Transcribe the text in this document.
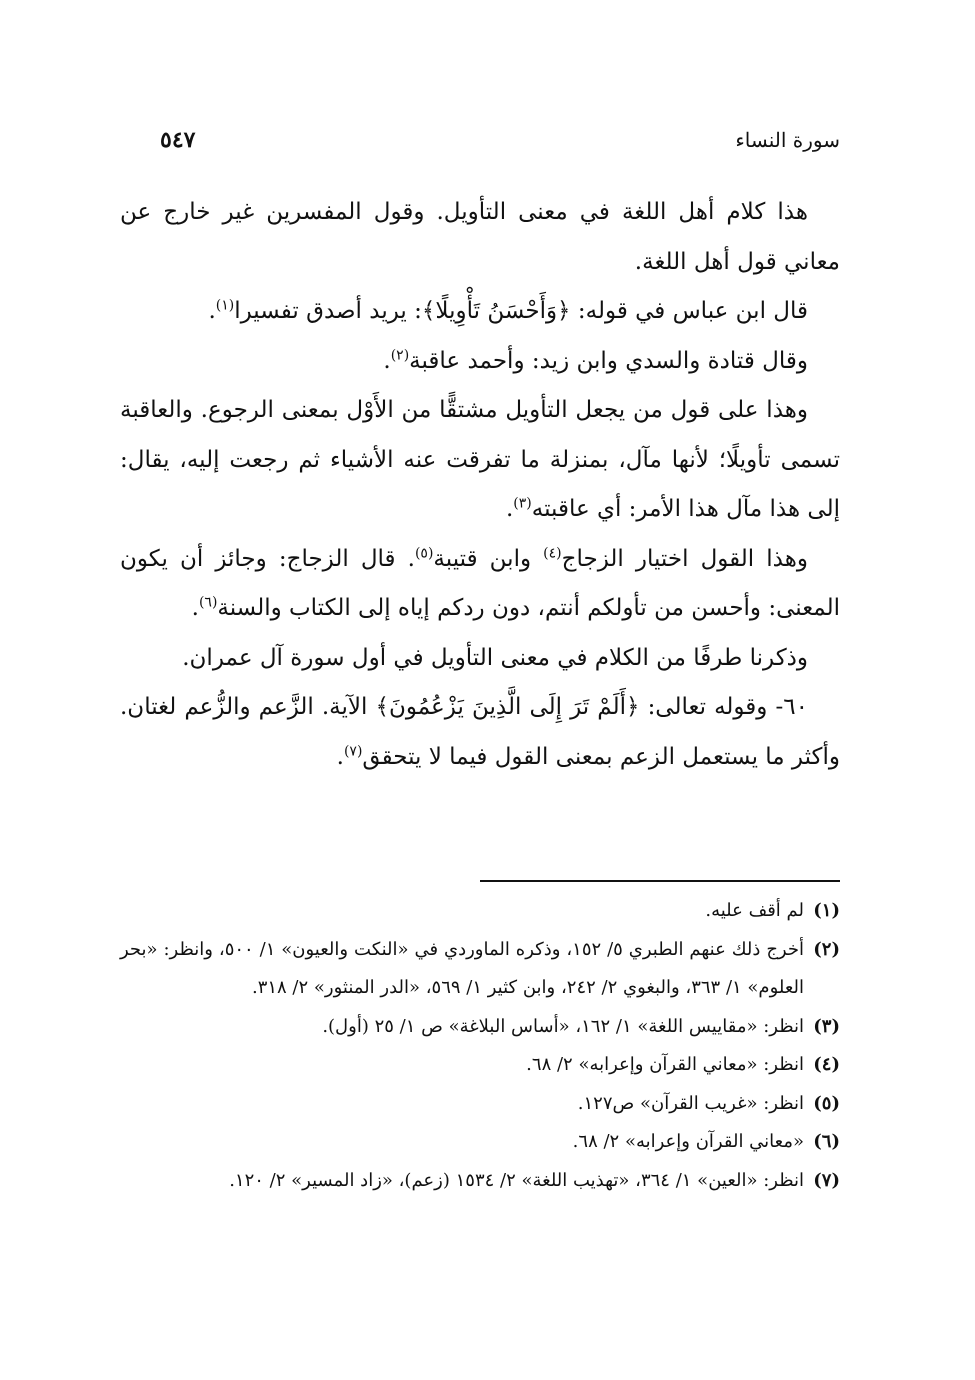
سورة النساء
٥٤٧

هذا كلام أهل اللغة في معنى التأويل. وقول المفسرين غير خارج عن معاني قول أهل اللغة.

قال ابن عباس في قوله: ﴿وَأَحْسَنُ تَأْوِيلًا﴾: يريد أصدق تفسيرا$^{(١)}$.

وقال قتادة والسدي وابن زيد: وأحمد عاقبة$^{(٢)}$.

وهذا على قول من يجعل التأويل مشتقًّا من الأَوْل بمعنى الرجوع. والعاقبة تسمى تأويلًا؛ لأنها مآل، بمنزلة ما تفرقت عنه الأشياء ثم رجعت إليه، يقال: إلى هذا مآل هذا الأمر: أي عاقبته$^{(٣)}$.

وهذا القول اختيار الزجاج$^{(٤)}$ وابن قتيبة$^{(٥)}$. قال الزجاج: وجائز أن يكون المعنى: وأحسن من تأولكم أنتم، دون ردكم إياه إلى الكتاب والسنة$^{(٦)}$.

وذكرنا طرفًا من الكلام في معنى التأويل في أول سورة آل عمران.

٦٠- وقوله تعالى: ﴿أَلَمْ تَرَ إِلَى الَّذِينَ يَزْعُمُونَ﴾ الآية. الزَّعم والزُّعم لغتان. وأكثر ما يستعمل الزعم بمعنى القول فيما لا يتحقق$^{(٧)}$.

(١)
لم أقف عليه.
(٢)
أخرج ذلك عنهم الطبري ٥/ ١٥٢، وذكره الماوردي في «النكت والعيون» ١/ ٥٠٠، وانظر: «بحر العلوم» ١/ ٣٦٣، والبغوي ٢/ ٢٤٢، وابن كثير ١/ ٥٦٩، «الدر المنثور» ٢/ ٣١٨.
(٣)
انظر: «مقاييس اللغة» ١/ ١٦٢، «أساس البلاغة» ص ١/ ٢٥ (أول).
(٤)
انظر: «معاني القرآن وإعرابه» ٢/ ٦٨.
(٥)
انظر: «غريب القرآن» ص١٢٧.
(٦)
«معاني القرآن وإعرابه» ٢/ ٦٨.
(٧)
انظر: «العين» ١/ ٣٦٤، «تهذيب اللغة» ٢/ ١٥٣٤ (زعم)، «زاد المسير» ٢/ ١٢٠.
